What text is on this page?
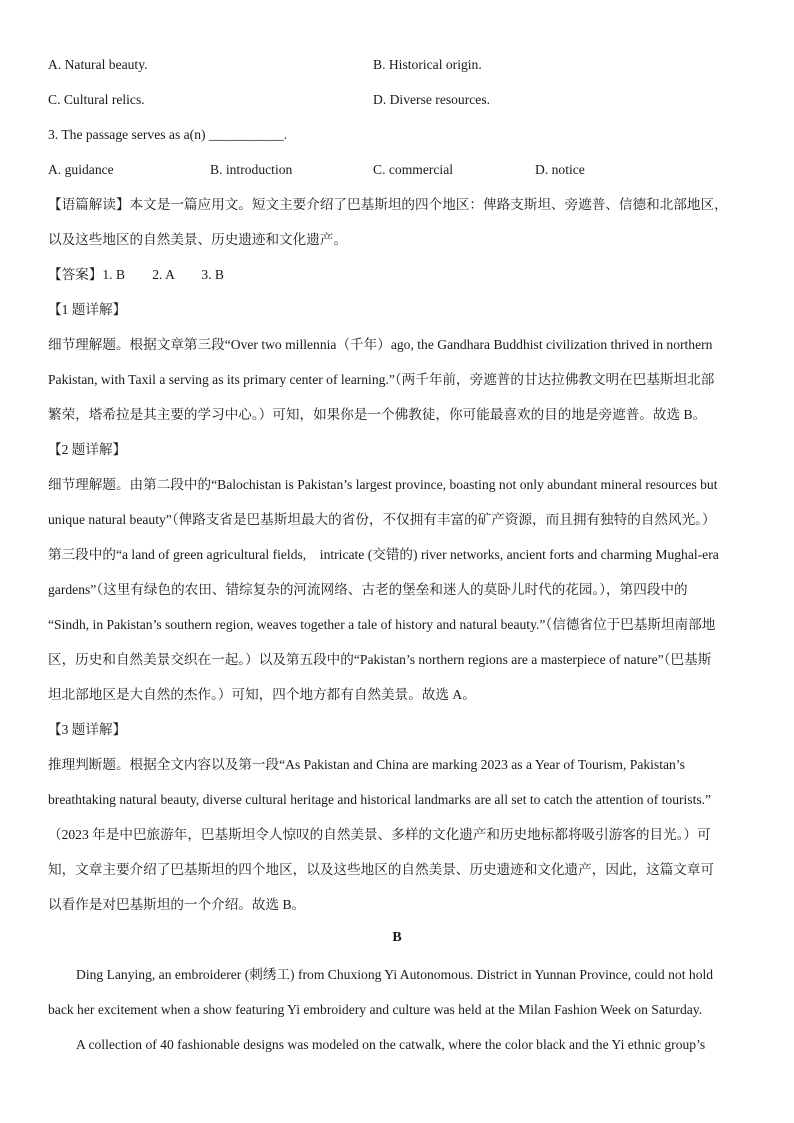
A. Natural beauty.	B. Historical origin.
C. Cultural relics.	D. Diverse resources.
3. The passage serves as a(n) ___________.
A. guidance	B. introduction	C. commercial	D. notice
【语篇解读】本文是一篇应用文。短文主要介绍了巴基斯坦的四个地区：俾路支斯坦、旁遮普、信德和北部地区，
以及这些地区的自然美景、历史遗迹和文化遗产。
【答案】1. B        2. A        3. B
【1 题详解】
细节理解题。根据文章第三段“Over two millennia（千年）ago, the Gandhara Buddhist civilization thrived in northern
Pakistan, with Taxil a serving as its primary center of learning.”（两千年前，旁遮普的甘达拉佛教文明在巴基斯坦北部
繁荣，塔希拉是其主要的学习中心。）可知，如果你是一个佛教徒，你可能最喜欢的目的地是旁遮普。故选 B。
【2 题详解】
细节理解题。由第二段中的“Balochistan is Pakistan’s largest province, boasting not only abundant mineral resources but
unique natural beauty”（俾路支省是巴基斯坦最大的省份，不仅拥有丰富的矿产资源，而且拥有独特的自然风光。）
第三段中的“a land of green agricultural fields,    intricate (交错的) river networks, ancient forts and charming Mughal-era
gardens”（这里有绿色的农田、错综复杂的河流网络、古老的堡垒和迷人的莫卧儿时代的花园。），第四段中的
“Sindh, in Pakistan’s southern region, weaves together a tale of history and natural beauty.”（信德省位于巴基斯坦南部地
区，历史和自然美景交织在一起。）以及第五段中的“Pakistan’s northern regions are a masterpiece of nature”（巴基斯
坦北部地区是大自然的杰作。）可知，四个地方都有自然美景。故选 A。
【3 题详解】
推理判断题。根据全文内容以及第一段“As Pakistan and China are marking 2023 as a Year of Tourism, Pakistan’s
breathtaking natural beauty, diverse cultural heritage and historical landmarks are all set to catch the attention of tourists.”
（2023 年是中巴旅游年，巴基斯坦令人惊叹的自然美景、多样的文化遗产和历史地标都将吸引游客的目光。）可
知，文章主要介绍了巴基斯坦的四个地区，以及这些地区的自然美景、历史遗迹和文化遗产，因此，这篇文章可
以看作是对巴基斯坦的一个介绍。故选 B。
B
Ding Lanying, an embroiderer (刺绣工) from Chuxiong Yi Autonomous. District in Yunnan Province, could not hold
back her excitement when a show featuring Yi embroidery and culture was held at the Milan Fashion Week on Saturday.
A collection of 40 fashionable designs was modeled on the catwalk, where the color black and the Yi ethnic group’s
